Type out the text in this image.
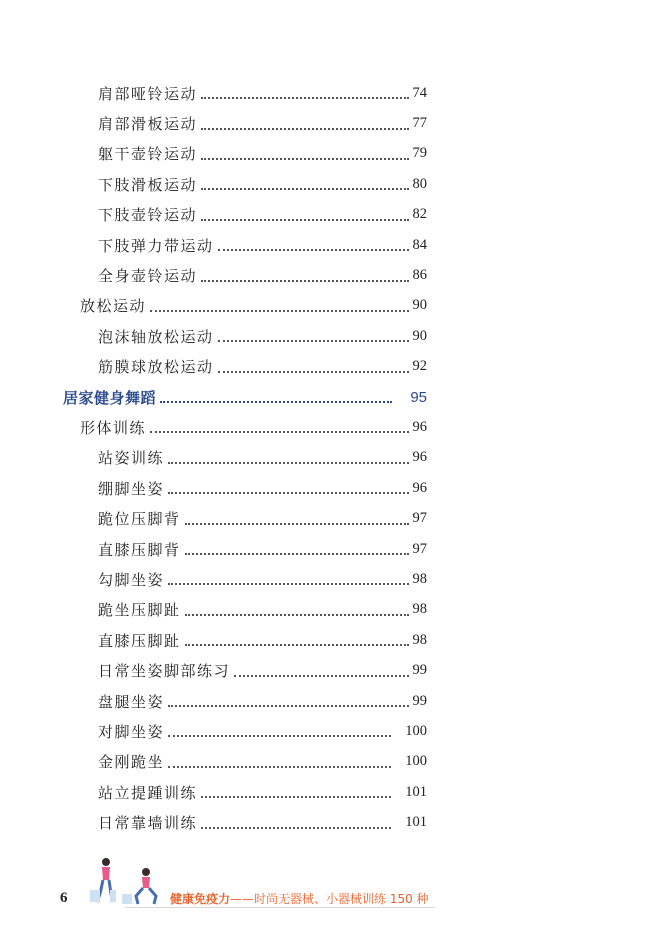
肩部哑铃运动	74
肩部滑板运动	77
躯干壶铃运动	79
下肢滑板运动	80
下肢壶铃运动	82
下肢弹力带运动	84
全身壶铃运动	86
放松运动	90
泡沫轴放松运动	90
筋膜球放松运动	92
居家健身舞蹈	95
形体训练	96
站姿训练	96
绷脚坐姿	96
跪位压脚背	97
直膝压脚背	97
勾脚坐姿	98
跪坐压脚趾	98
直膝压脚趾	98
日常坐姿脚部练习	99
盘腿坐姿	99
对脚坐姿	100
金刚跪坐	100
站立提踵训练	101
日常靠墙训练	101
6	健康免疫力——时尚无器械、小器械训练 150 种
